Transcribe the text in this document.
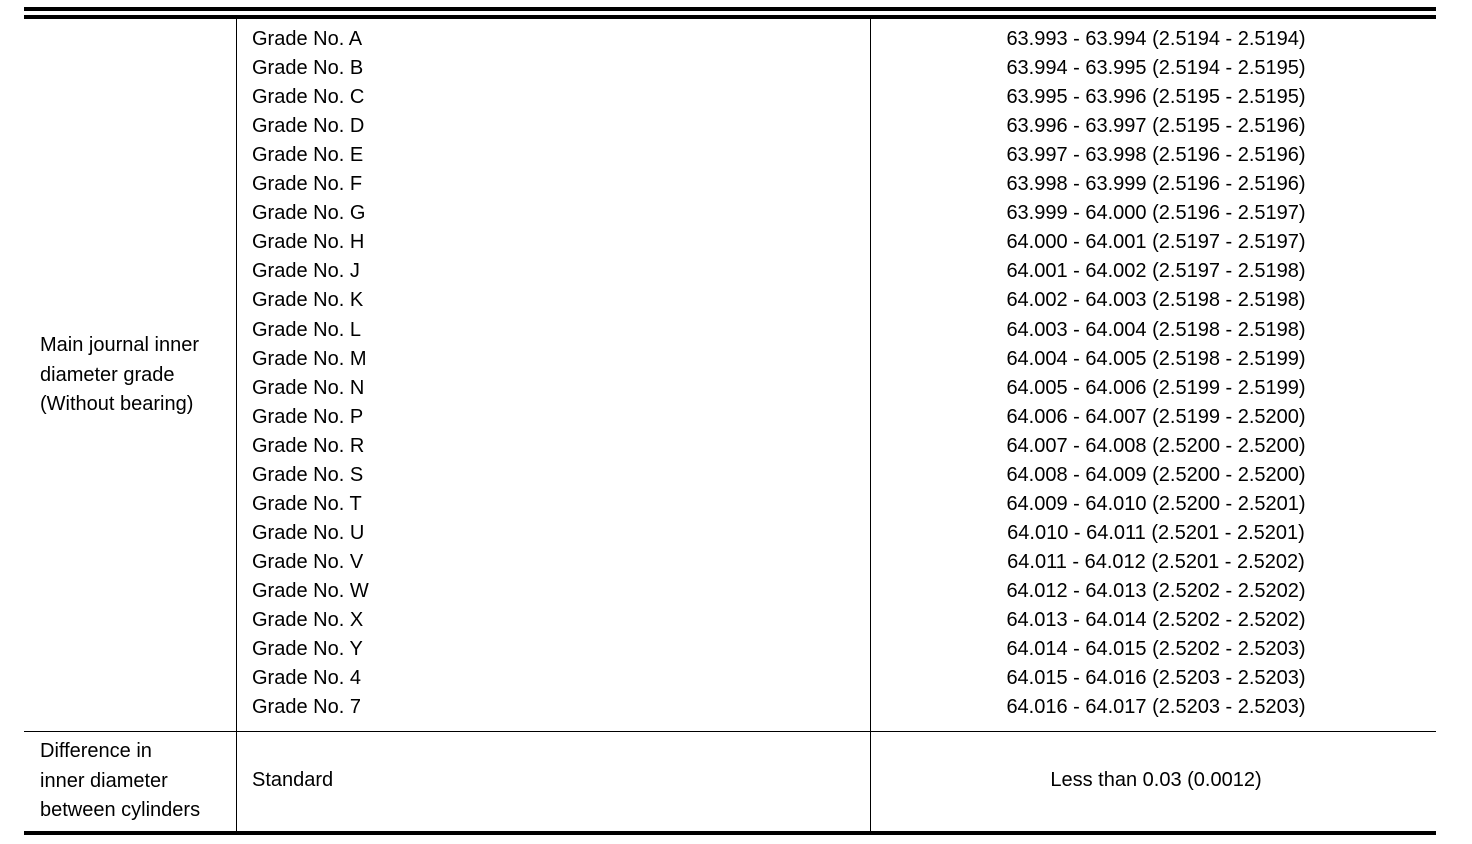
Main journal inner
diameter grade
(Without bearing)
Grade No. A	63.993 - 63.994 (2.5194 - 2.5194)
Grade No. B	63.994 - 63.995 (2.5194 - 2.5195)
Grade No. C	63.995 - 63.996 (2.5195 - 2.5195)
Grade No. D	63.996 - 63.997 (2.5195 - 2.5196)
Grade No. E	63.997 - 63.998 (2.5196 - 2.5196)
Grade No. F	63.998 - 63.999 (2.5196 - 2.5196)
Grade No. G	63.999 - 64.000 (2.5196 - 2.5197)
Grade No. H	64.000 - 64.001 (2.5197 - 2.5197)
Grade No. J	64.001 - 64.002 (2.5197 - 2.5198)
Grade No. K	64.002 - 64.003 (2.5198 - 2.5198)
Grade No. L	64.003 - 64.004 (2.5198 - 2.5198)
Grade No. M	64.004 - 64.005 (2.5198 - 2.5199)
Grade No. N	64.005 - 64.006 (2.5199 - 2.5199)
Grade No. P	64.006 - 64.007 (2.5199 - 2.5200)
Grade No. R	64.007 - 64.008 (2.5200 - 2.5200)
Grade No. S	64.008 - 64.009 (2.5200 - 2.5200)
Grade No. T	64.009 - 64.010 (2.5200 - 2.5201)
Grade No. U	64.010 - 64.011 (2.5201 - 2.5201)
Grade No. V	64.011 - 64.012 (2.5201 - 2.5202)
Grade No. W	64.012 - 64.013 (2.5202 - 2.5202)
Grade No. X	64.013 - 64.014 (2.5202 - 2.5202)
Grade No. Y	64.014 - 64.015 (2.5202 - 2.5203)
Grade No. 4	64.015 - 64.016 (2.5203 - 2.5203)
Grade No. 7	64.016 - 64.017 (2.5203 - 2.5203)
Difference in
inner diameter
between cylinders
Standard	Less than 0.03 (0.0012)
